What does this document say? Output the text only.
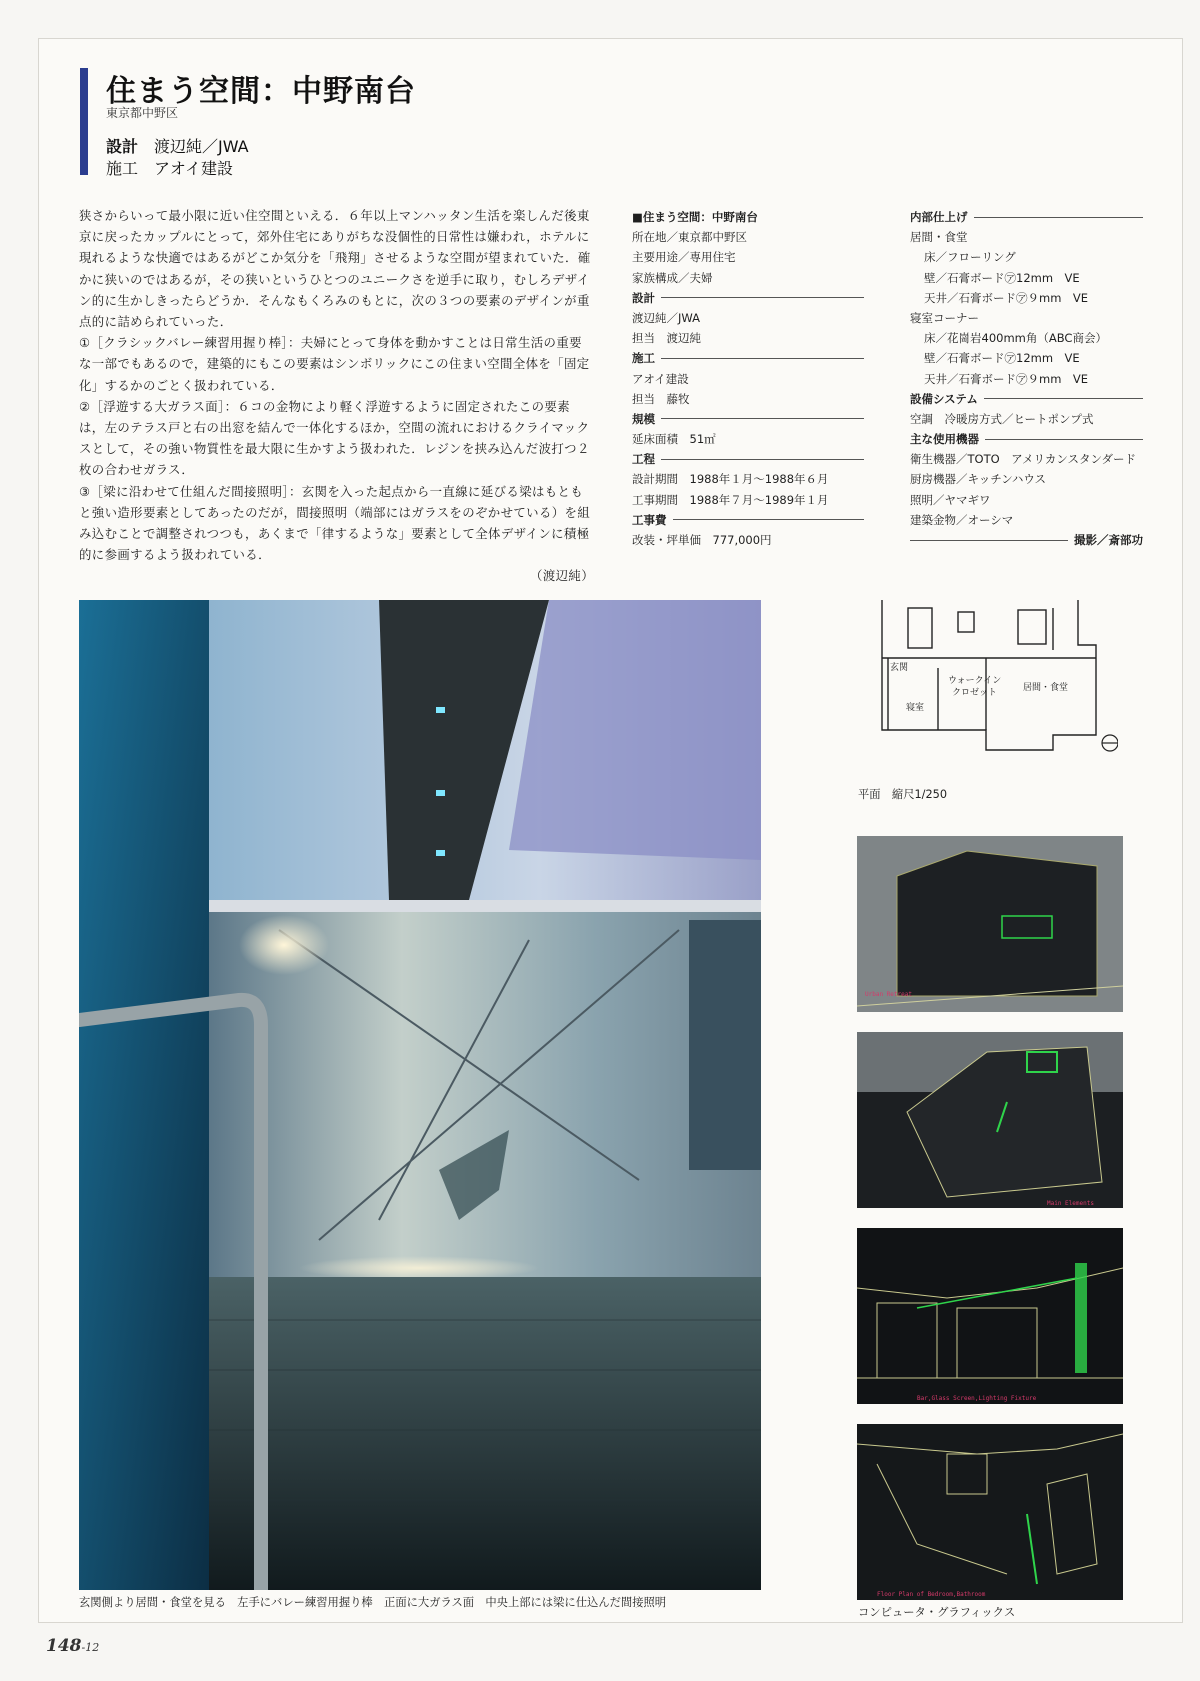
住まう空間：中野南台
東京都中野区
設計 渡辺純／JWA
施工 アオイ建設

狭さからいって最小限に近い住空間といえる．６年以上マンハッタン生活を楽しんだ後東京に戻ったカップルにとって，郊外住宅にありがちな没個性的日常性は嫌われ，ホテルに現れるような快適ではあるがどこか気分を「飛翔」させるような空間が望まれていた．確かに狭いのではあるが，その狭いというひとつのユニークさを逆手に取り，むしろデザイン的に生かしきったらどうか．そんなもくろみのもとに，次の３つの要素のデザインが重点的に詰められていった．

①［クラシックバレー練習用握り棒］：夫婦にとって身体を動かすことは日常生活の重要な一部でもあるので，建築的にもこの要素はシンボリックにこの住まい空間全体を「固定化」するかのごとく扱われている．

②［浮遊する大ガラス面］：６コの金物により軽く浮遊するように固定されたこの要素は，左のテラス戸と右の出窓を結んで一体化するほか，空間の流れにおけるクライマックスとして，その強い物質性を最大限に生かすよう扱われた．レジンを挟み込んだ波打つ２枚の合わせガラス．

③［梁に沿わせて仕組んだ間接照明］：玄関を入った起点から一直線に延びる梁はもともと強い造形要素としてあったのだが，間接照明（端部にはガラスをのぞかせている）を組み込むことで調整されつつも，あくまで「律するような」要素として全体デザインに積極的に参画するよう扱われている．

（渡辺純）

■住まう空間：中野南台
所在地／東京都中野区
主要用途／専用住宅
家族構成／夫婦
設計
渡辺純／JWA
担当　渡辺純
施工
アオイ建設
担当　藤牧
規模
延床面積　51㎡
工程
設計期間　1988年１月〜1988年６月
工事期間　1988年７月〜1989年１月
工事費
改装・坪単価　777,000円
内部仕上げ
居間・食堂
床／フローリング
壁／石膏ボード㋐12mm　VE
天井／石膏ボード㋐９mm　VE
寝室コーナー
床／花崗岩400mm角（ABC商会）
壁／石膏ボード㋐12mm　VE
天井／石膏ボード㋐９mm　VE
設備システム
空調　冷暖房方式／ヒートポンプ式
主な使用機器
衛生機器／TOTO　アメリカンスタンダード
厨房機器／キッチンハウス
照明／ヤマギワ
建築金物／オーシマ
撮影／斎部功
玄関側より居間・食堂を見る　左手にバレー練習用握り棒　正面に大ガラス面　中央上部には梁に仕込んだ間接照明
玄関
ウォークインクロゼット
寝室
居間・食堂
平面　縮尺1/250
Urban Retreat
Main Elements
Bar,Glass Screen,Lighting Fixture
Floor Plan of Bedroom,Bathroom
コンピュータ・グラフィックス
148-12
